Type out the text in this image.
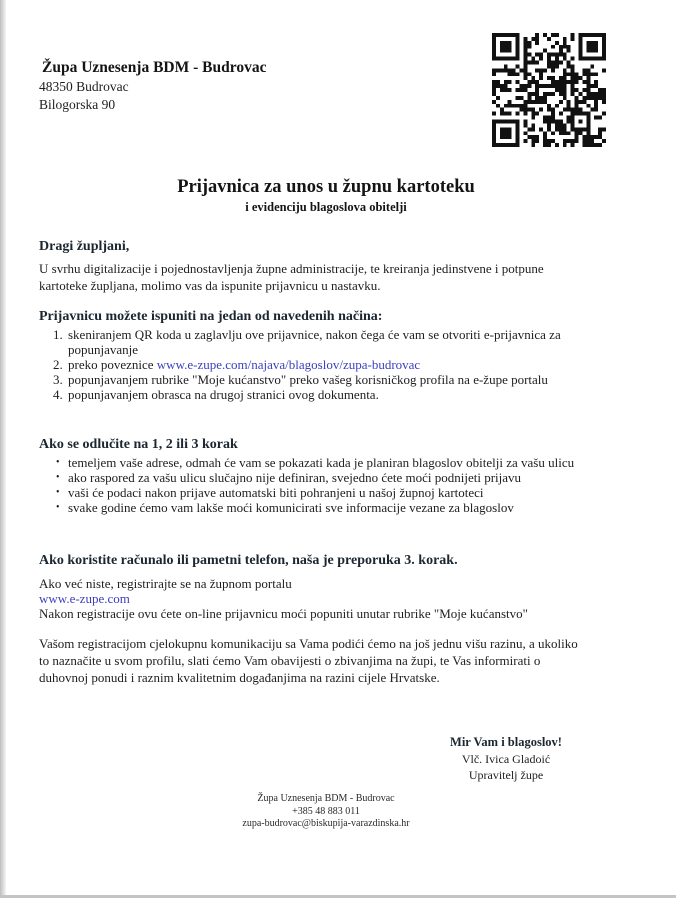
Župa Uznesenja BDM - Budrovac
48350 Budrovac
Bilogorska 90
Prijavnica za unos u župnu kartoteku
i evidenciju blagoslova obitelji
Dragi župljani,
U svrhu digitalizacije i pojednostavljenja župne administracije, te kreiranja jedinstvene i potpune
kartoteke župljana, molimo vas da ispunite prijavnicu u nastavku.
Prijavnicu možete ispuniti na jedan od navedenih načina:
1. skeniranjem QR koda u zaglavlju ove prijavnice, nakon čega će vam se otvoriti e-prijavnica za popunjavanje
2. preko poveznice www.e-zupe.com/najava/blagoslov/zupa-budrovac
3. popunjavanjem rubrike "Moje kućanstvo" preko vašeg korisničkog profila na e-župe portalu
4. popunjavanjem obrasca na drugoj stranici ovog dokumenta.
Ako se odlučite na 1, 2 ili 3 korak
• temeljem vaše adrese, odmah će vam se pokazati kada je planiran blagoslov obitelji za vašu ulicu
• ako raspored za vašu ulicu slučajno nije definiran, svejedno ćete moći podnijeti prijavu
• vaši će podaci nakon prijave automatski biti pohranjeni u našoj župnoj kartoteci
• svake godine ćemo vam lakše moći komunicirati sve informacije vezane za blagoslov
Ako koristite računalo ili pametni telefon, naša je preporuka 3. korak.
Ako već niste, registrirajte se na župnom portalu
www.e-zupe.com
Nakon registracije ovu ćete on-line prijavnicu moći popuniti unutar rubrike "Moje kućanstvo"
Vašom registracijom cjelokupnu komunikaciju sa Vama podići ćemo na još jednu višu razinu, a ukoliko
to naznačite u svom profilu, slati ćemo Vam obavijesti o zbivanjima na župi, te Vas informirati o
duhovnoj ponudi i raznim kvalitetnim događanjima na razini cijele Hrvatske.
Mir Vam i blagoslov!
Vlč. Ivica Gladoić
Upravitelj župe
Župa Uznesenja BDM - Budrovac
+385 48 883 011
zupa-budrovac@biskupija-varazdinska.hr
